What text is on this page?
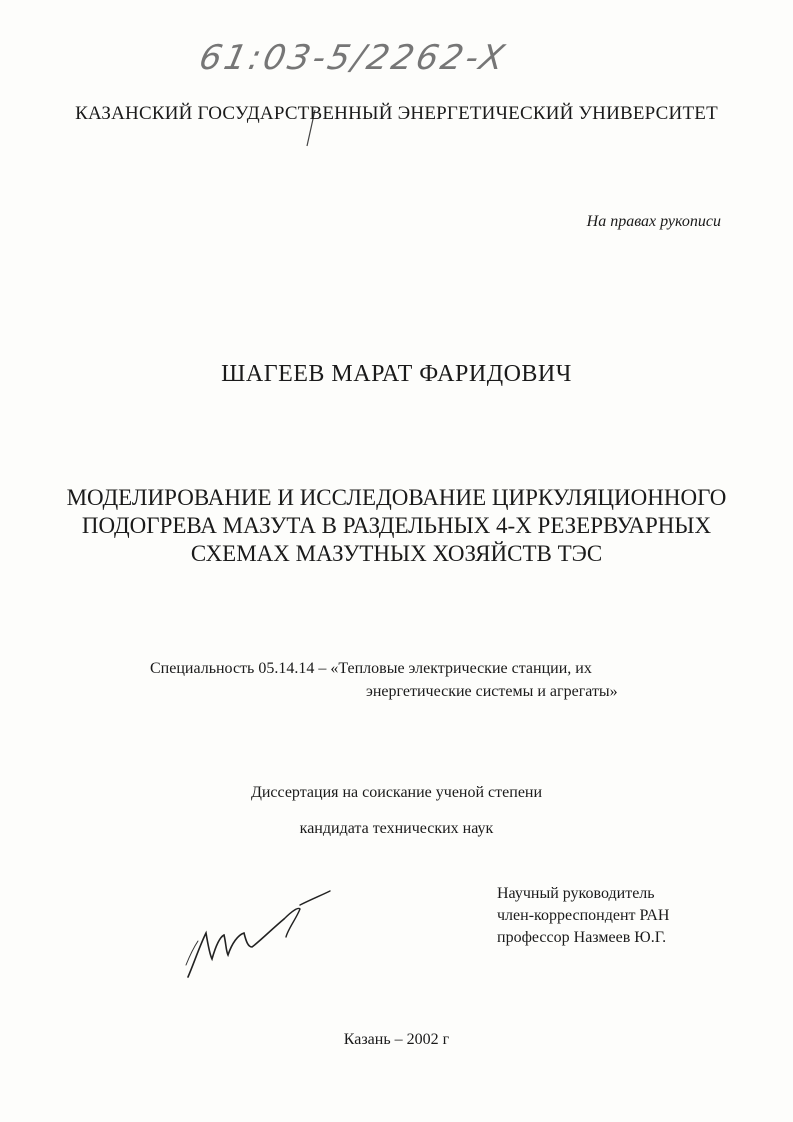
61:03-5/2262-X
КАЗАНСКИЙ ГОСУДАРСТВЕННЫЙ ЭНЕРГЕТИЧЕСКИЙ УНИВЕРСИТЕТ
На правах рукописи
ШАГЕЕВ МАРАТ ФАРИДОВИЧ
МОДЕЛИРОВАНИЕ И ИССЛЕДОВАНИЕ ЦИРКУЛЯЦИОННОГО
ПОДОГРЕВА МАЗУТА В РАЗДЕЛЬНЫХ 4-Х РЕЗЕРВУАРНЫХ
СХЕМАХ МАЗУТНЫХ ХОЗЯЙСТВ ТЭС
Специальность 05.14.14 – «Тепловые электрические станции, их
энергетические системы и агрегаты»
Диссертация на соискание ученой степени
кандидата технических наук
Научный руководитель
член-корреспондент РАН
профессор Назмеев Ю.Г.
Казань – 2002 г
